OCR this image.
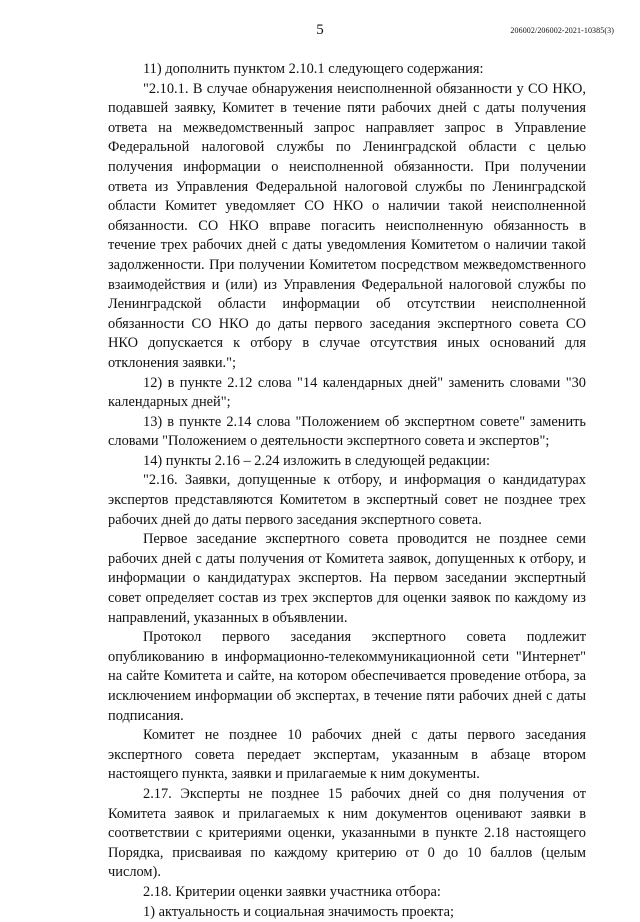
5	206002/206002-2021-10385(3)

11) дополнить пунктом 2.10.1 следующего содержания:

"2.10.1. В случае обнаружения неисполненной обязанности у СО НКО, подавшей заявку, Комитет в течение пяти рабочих дней с даты получения ответа на межведомственный запрос направляет запрос в Управление Федеральной налоговой службы по Ленинградской области с целью получения информации о неисполненной обязанности. При получении ответа из Управления Федеральной налоговой службы по Ленинградской области Комитет уведомляет СО НКО о наличии такой неисполненной обязанности. СО НКО вправе погасить неисполненную обязанность в течение трех рабочих дней с даты уведомления Комитетом о наличии такой задолженности. При получении Комитетом посредством межведомственного взаимодействия и (или) из Управления Федеральной налоговой службы по Ленинградской области информации об отсутствии неисполненной обязанности СО НКО до даты первого заседания экспертного совета СО НКО допускается к отбору в случае отсутствия иных оснований для отклонения заявки.";

12) в пункте 2.12 слова "14 календарных дней" заменить словами "30 календарных дней";

13) в пункте 2.14 слова "Положением об экспертном совете" заменить словами "Положением о деятельности экспертного совета и экспертов";

14) пункты 2.16 – 2.24 изложить в следующей редакции:

"2.16. Заявки, допущенные к отбору, и информация о кандидатурах экспертов представляются Комитетом в экспертный совет не позднее трех рабочих дней до даты первого заседания экспертного совета.

Первое заседание экспертного совета проводится не позднее семи рабочих дней с даты получения от Комитета заявок, допущенных к отбору, и информации о кандидатурах экспертов. На первом заседании экспертный совет определяет состав из трех экспертов для оценки заявок по каждому из направлений, указанных в объявлении.

Протокол первого заседания экспертного совета подлежит опубликованию в информационно-телекоммуникационной сети "Интернет" на сайте Комитета и сайте, на котором обеспечивается проведение отбора, за исключением информации об экспертах, в течение пяти рабочих дней с даты подписания.

Комитет не позднее 10 рабочих дней с даты первого заседания экспертного совета передает экспертам, указанным в абзаце втором настоящего пункта, заявки и прилагаемые к ним документы.

2.17. Эксперты не позднее 15 рабочих дней со дня получения от Комитета заявок и прилагаемых к ним документов оценивают заявки в соответствии с критериями оценки, указанными в пункте 2.18 настоящего Порядка, присваивая по каждому критерию от 0 до 10 баллов (целым числом).

2.18. Критерии оценки заявки участника отбора:

1) актуальность и социальная значимость проекта;
